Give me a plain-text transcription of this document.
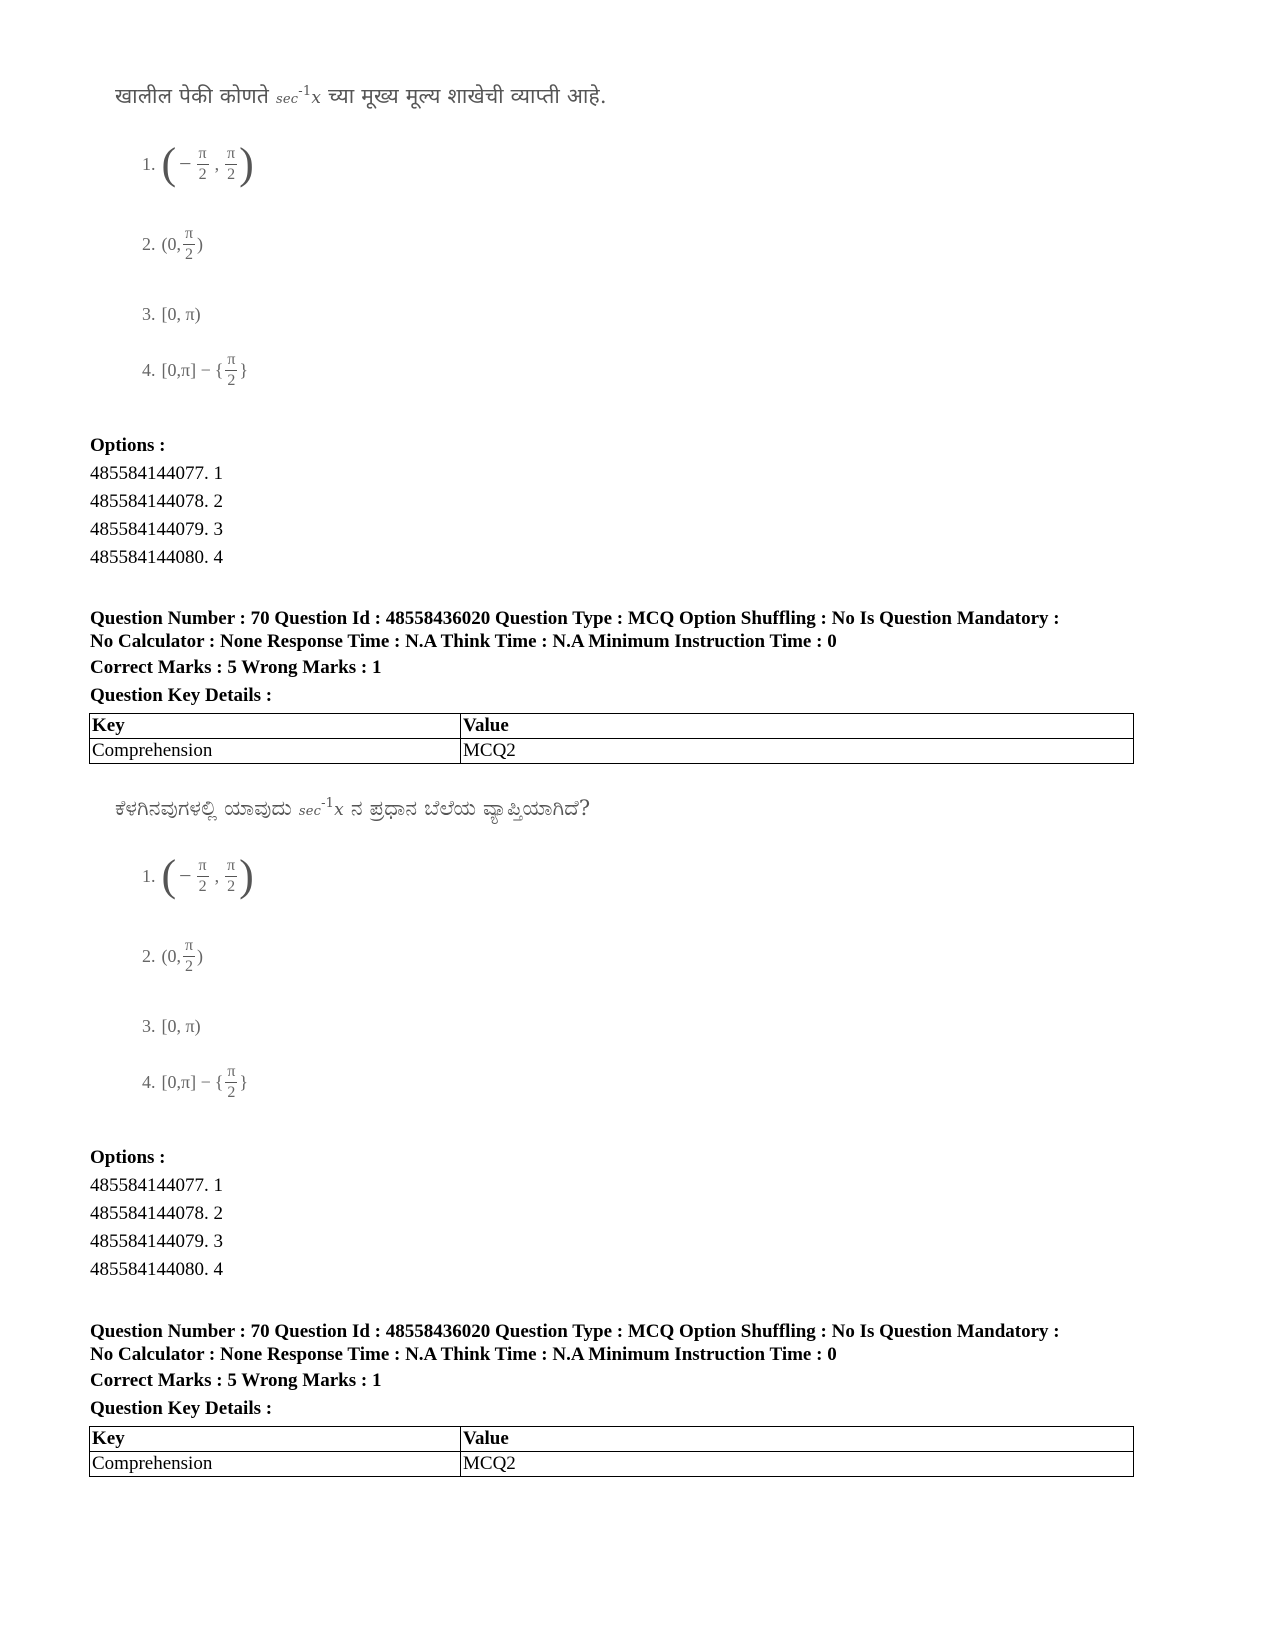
खालील पेकी कोणते $\sec^{-1}x$ च्या मूख्य मूल्य शाखेची व्याप्ती आहे.
1. ( − $\frac{\pi}{2}$ , $\frac{\pi}{2}$ )
2. (0, $\frac{\pi}{2}$ )
3. [0, π)
4. [0,π] − { $\frac{\pi}{2}$ }
Options :
485584144077. 1
485584144078. 2
485584144079. 3
485584144080. 4
Question Number : 70 Question Id : 48558436020 Question Type : MCQ Option Shuffling : No Is Question Mandatory :
No Calculator : None Response Time : N.A Think Time : N.A Minimum Instruction Time : 0
Correct Marks : 5 Wrong Marks : 1
Question Key Details :
Key	Value
Comprehension	MCQ2
ಕೆಳಗಿನವುಗಳಲ್ಲಿ ಯಾವುದು $\sec^{-1}x$ ನ ಪ್ರಧಾನ ಬೆಲೆಯ ವ್ಯಾಪ್ತಿಯಾಗಿದೆ?
1. ( − $\frac{\pi}{2}$ , $\frac{\pi}{2}$ )
2. (0, $\frac{\pi}{2}$ )
3. [0, π)
4. [0,π] − { $\frac{\pi}{2}$ }
Options :
485584144077. 1
485584144078. 2
485584144079. 3
485584144080. 4
Question Number : 70 Question Id : 48558436020 Question Type : MCQ Option Shuffling : No Is Question Mandatory :
No Calculator : None Response Time : N.A Think Time : N.A Minimum Instruction Time : 0
Correct Marks : 5 Wrong Marks : 1
Question Key Details :
Key	Value
Comprehension	MCQ2
